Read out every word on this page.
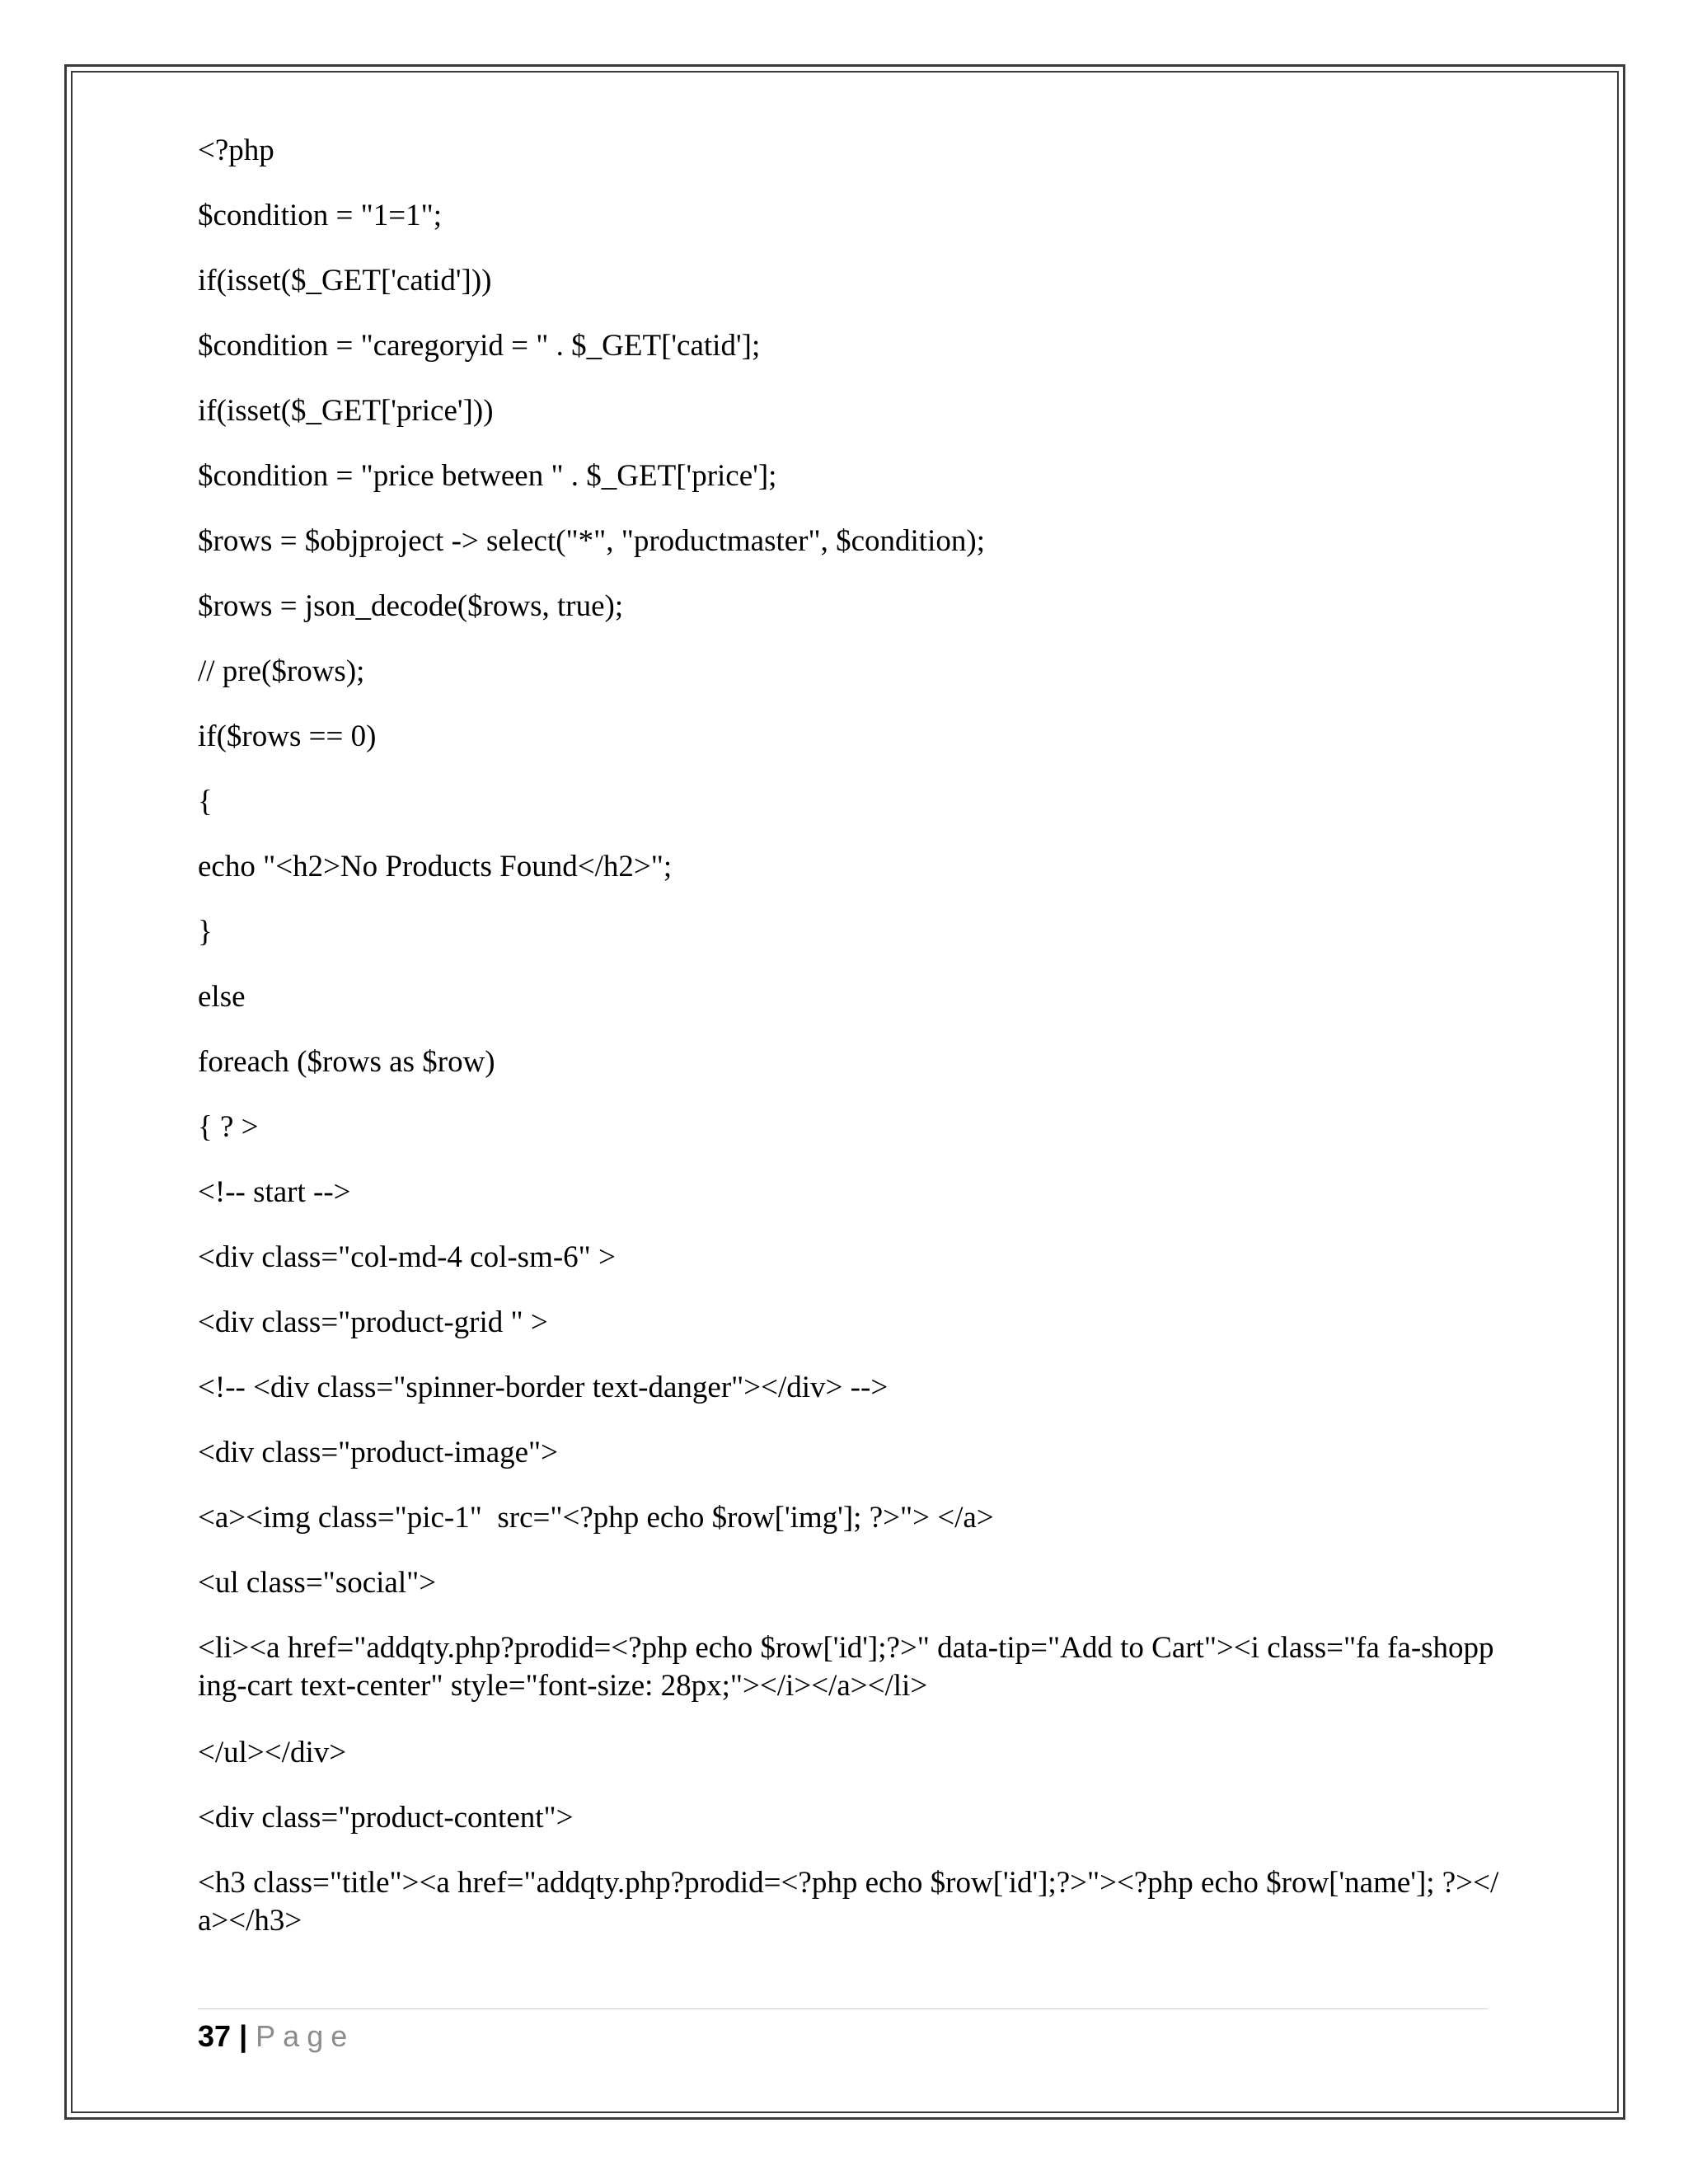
<?php
$condition = "1=1";
if(isset($_GET['catid']))
$condition = "caregoryid = " . $_GET['catid'];
if(isset($_GET['price']))
$condition = "price between " . $_GET['price'];
$rows = $objproject -> select("*", "productmaster", $condition);
$rows = json_decode($rows, true);
// pre($rows);
if($rows == 0)
{
echo "<h2>No Products Found</h2>";
}
else
foreach ($rows as $row)
{ ? >
<!-- start -->
<div class="col-md-4 col-sm-6" >
<div class="product-grid " >
<!-- <div class="spinner-border text-danger"></div> -->
<div class="product-image">
<a><img class="pic-1"  src="<?php echo $row['img']; ?>"> </a>
<ul class="social">
<li><a href="addqty.php?prodid=<?php echo $row['id'];?>" data-tip="Add to Cart"><i class="fa fa-shopping-cart text-center" style="font-size: 28px;"></i></a></li>
</ul></div>
<div class="product-content">
<h3 class="title"><a href="addqty.php?prodid=<?php echo $row['id'];?>"><?php echo $row['name']; ?></a></h3>
37 | Page
